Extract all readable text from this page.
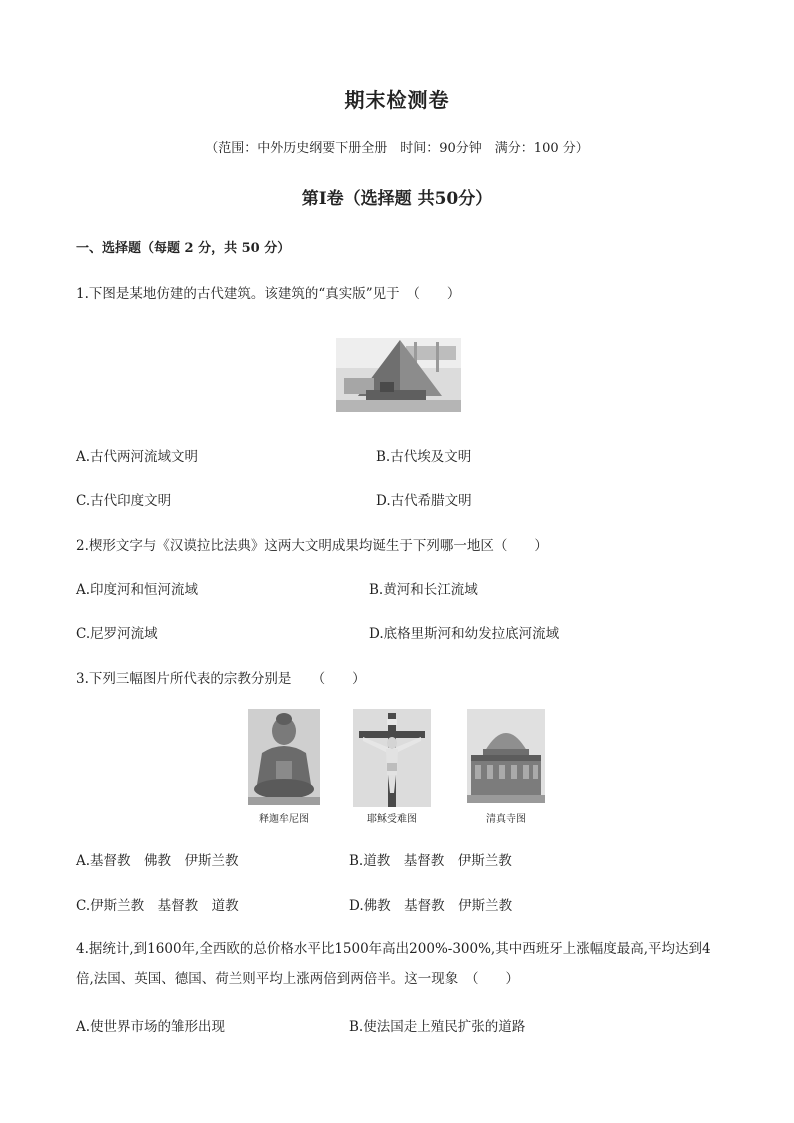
期末检测卷
（范围：中外历史纲要下册全册　时间：90分钟　满分：100 分）
第Ⅰ卷（选择题 共50分）
一、选择题（每题 2 分，共 50 分）
1.下图是某地仿建的古代建筑。该建筑的“真实版”见于　（　　）
A.古代两河流域文明	B.古代埃及文明
C.古代印度文明	D.古代希腊文明
2.楔形文字与《汉谟拉比法典》这两大文明成果均诞生于下列哪一地区（　　）
A.印度河和恒河流域	B.黄河和长江流域
C.尼罗河流域	D.底格里斯河和幼发拉底河流域
3.下列三幅图片所代表的宗教分别是　　（　　）
释迦牟尼图	耶稣受难图	清真寺图
A.基督教　佛教　伊斯兰教	B.道教　基督教　伊斯兰教
C.伊斯兰教　基督教　道教	D.佛教　基督教　伊斯兰教
4.据统计,到1600年,全西欧的总价格水平比1500年高出200%-300%,其中西班牙上涨幅度最高,平均达到4倍,法国、英国、德国、荷兰则平均上涨两倍到两倍半。这一现象　（　　）
A.使世界市场的雏形出现	B.使法国走上殖民扩张的道路
